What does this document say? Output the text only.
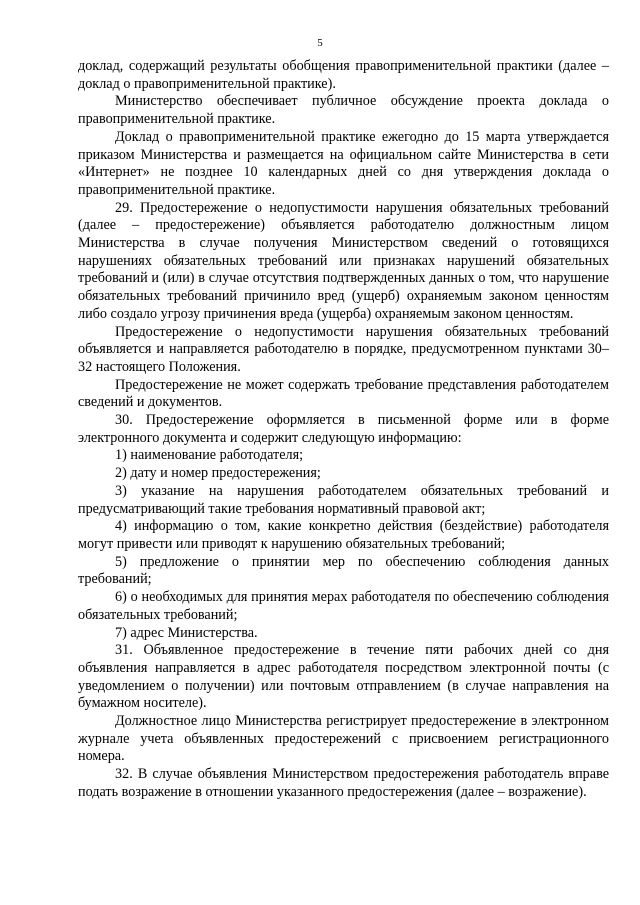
5

доклад, содержащий результаты обобщения правоприменительной практики (далее – доклад о правоприменительной практике).

Министерство обеспечивает публичное обсуждение проекта доклада о правоприменительной практике.

Доклад о правоприменительной практике ежегодно до 15 марта утверждается приказом Министерства и размещается на официальном сайте Министерства в сети «Интернет» не позднее 10 календарных дней со дня утверждения доклада о правоприменительной практике.

29. Предостережение о недопустимости нарушения обязательных требований (далее – предостережение) объявляется работодателю должностным лицом Министерства в случае получения Министерством сведений о готовящихся нарушениях обязательных требований или признаках нарушений обязательных требований и (или) в случае отсутствия подтвержденных данных о том, что нарушение обязательных требований причинило вред (ущерб) охраняемым законом ценностям либо создало угрозу причинения вреда (ущерба) охраняемым законом ценностям.

Предостережение о недопустимости нарушения обязательных требований объявляется и направляется работодателю в порядке, предусмотренном пунктами 30–32 настоящего Положения.

Предостережение не может содержать требование представления работодателем сведений и документов.

30. Предостережение оформляется в письменной форме или в форме электронного документа и содержит следующую информацию:

1) наименование работодателя;

2) дату и номер предостережения;

3) указание на нарушения работодателем обязательных требований и предусматривающий такие требования нормативный правовой акт;

4) информацию о том, какие конкретно действия (бездействие) работодателя могут привести или приводят к нарушению обязательных требований;

5) предложение о принятии мер по обеспечению соблюдения данных требований;

6) о необходимых для принятия мерах работодателя по обеспечению соблюдения обязательных требований;

7) адрес Министерства.

31. Объявленное предостережение в течение пяти рабочих дней со дня объявления направляется в адрес работодателя посредством электронной почты (с уведомлением о получении) или почтовым отправлением (в случае направления на бумажном носителе).

Должностное лицо Министерства регистрирует предостережение в электронном журнале учета объявленных предостережений с присвоением регистрационного номера.

32. В случае объявления Министерством предостережения работодатель вправе подать возражение в отношении указанного предостережения (далее – возражение).
